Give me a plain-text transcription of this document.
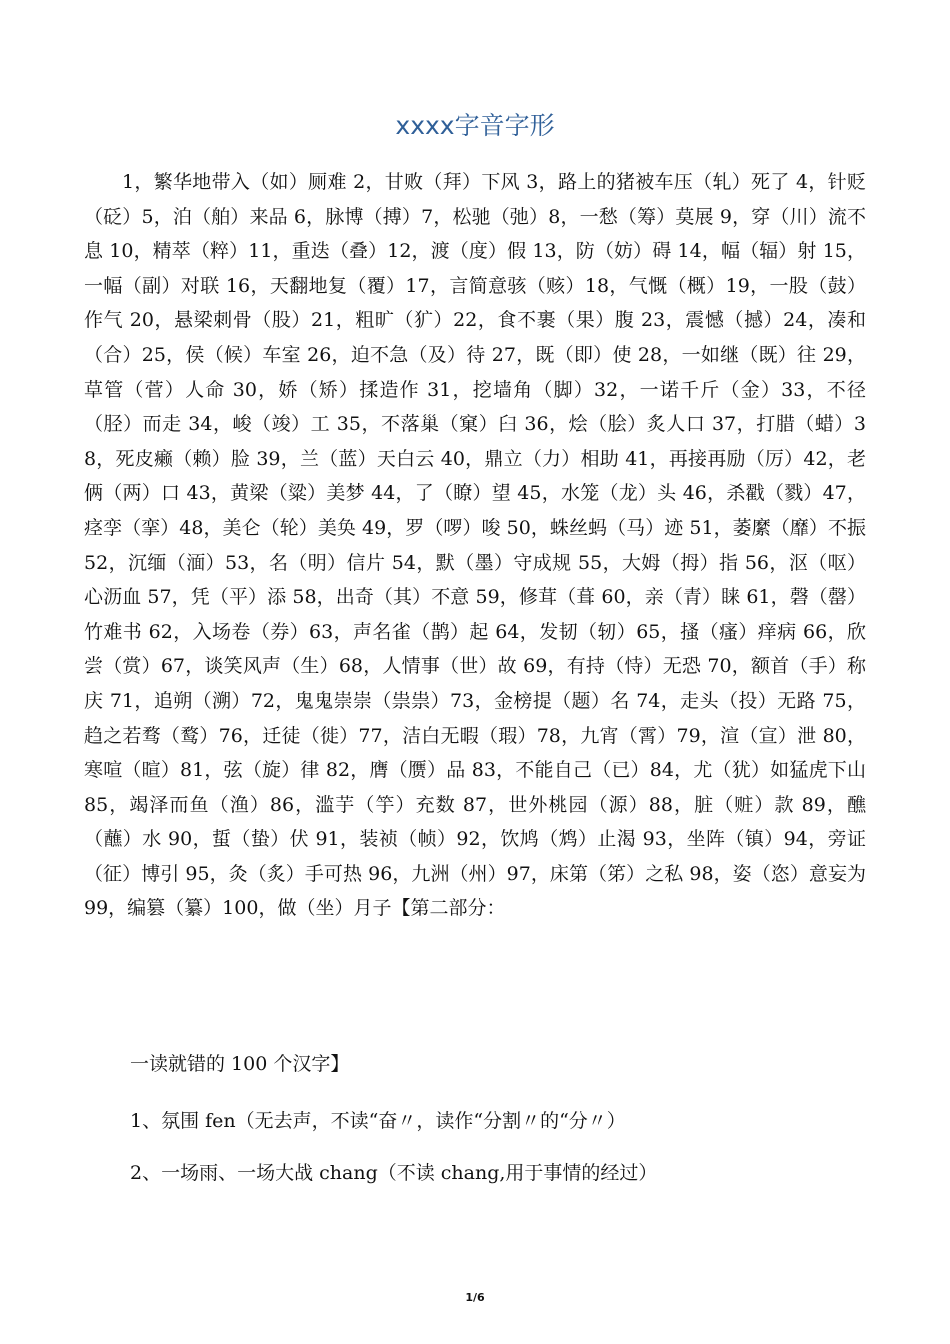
xxxx字音字形

1，繁华地带入（如）厕难 2，甘败（拜）下风 3，路上的猪被车压（轧）死了 4，针贬（砭）5，泊（舶）来品 6，脉博（搏）7，松驰（弛）8，一愁（筹）莫展 9，穿（川）流不息 10，精萃（粹）11，重迭（叠）12，渡（度）假 13，防（妨）碍 14，幅（辐）射 15，一幅（副）对联 16，天翻地复（覆）17，言简意骇（赅）18，气慨（概）19，一股（鼓）作气 20，悬梁刺骨（股）21，粗旷（犷）22，食不裹（果）腹 23，震憾（撼）24，凑和（合）25，侯（候）车室 26，迫不急（及）待 27，既（即）使 28，一如继（既）往 29，草管（菅）人命 30，娇（矫）揉造作 31，挖墙角（脚）32，一诺千斤（金）33，不径（胫）而走 34，峻（竣）工 35，不落巢（窠）臼 36，烩（脍）炙人口 37，打腊（蜡）38，死皮癞（赖）脸 39，兰（蓝）天白云 40，鼎立（力）相助 41，再接再励（厉）42，老俩（两）口 43，黄梁（粱）美梦 44，了（瞭）望 45，水笼（龙）头 46，杀戳（戮）47，痉孪（挛）48，美仑（轮）美奂 49，罗（啰）唆 50，蛛丝蚂（马）迹 51，萎縻（靡）不振 52，沉缅（湎）53，名（明）信片 54，默（墨）守成规 55，大姆（拇）指 56，沤（呕）心沥血 57，凭（平）添 58，出奇（其）不意 59，修茸（葺 60，亲（青）睐 61，磬（罄）竹难书 62，入场卷（券）63，声名雀（鹊）起 64，发韧（轫）65，搔（瘙）痒病 66，欣尝（赏）67，谈笑风声（生）68，人情事（世）故 69，有持（恃）无恐 70，额首（手）称庆 71，追朔（溯）72，鬼鬼崇崇（祟祟）73，金榜提（题）名 74，走头（投）无路 75，趋之若骛（鹜）76，迁徒（徙）77，洁白无暇（瑕）78，九宵（霄）79，渲（宣）泄 80，寒喧（暄）81，弦（旋）律 82，膺（赝）品 83，不能自己（已）84，尤（犹）如猛虎下山 85，竭泽而鱼（渔）86，滥芋（竽）充数 87，世外桃园（源）88，脏（赃）款 89，醮（蘸）水 90，蜇（蛰）伏 91，装祯（帧）92，饮鸠（鸩）止渴 93，坐阵（镇）94，旁证（征）博引 95，灸（炙）手可热 96，九洲（州）97，床第（笫）之私 98，姿（恣）意妄为 99，编篡（纂）100，做（坐）月子【第二部分：

一读就错的 100 个汉字】

1、氛围 fen（无去声，不读“奋〃，读作“分割〃的“分〃）

2、一场雨、一场大战 chang（不读 chang,用于事情的经过）

1/6
